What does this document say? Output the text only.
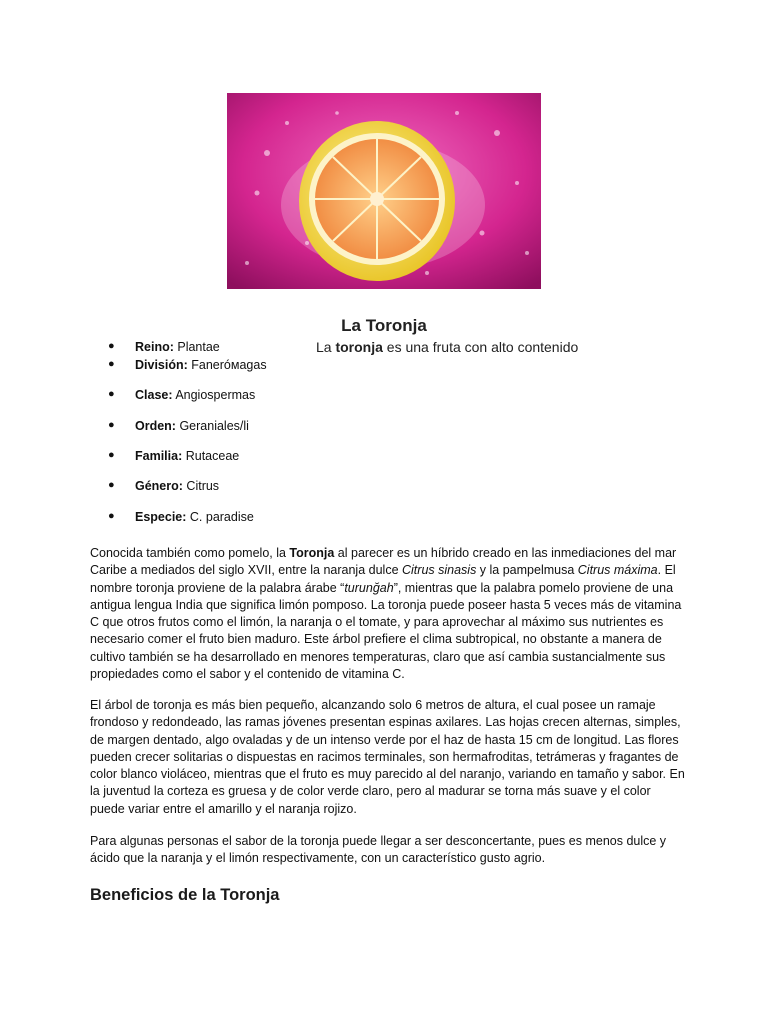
La Toronja
La toronja es una fruta con alto contenido
● Reino: Plantae
● División: Faneróмagas
● Clase: Angiospermas
● Orden: Geraniales/li
● Familia: Rutaceae
● Género: Citrus
● Especie: C. paradise

Conocida también como pomelo, la Toronja al parecer es un híbrido creado en las inmediaciones del mar Caribe a mediados del siglo XVII, entre la naranja dulce Citrus sinasis y la pampelmusa Citrus máxima. El nombre toronja proviene de la palabra árabe “turunğah”, mientras que la palabra pomelo proviene de una antigua lengua India que significa limón pomposo. La toronja puede poseer hasta 5 veces más de vitamina C que otros frutos como el limón, la naranja o el tomate, y para aprovechar al máximo sus nutrientes es necesario comer el fruto bien maduro. Este árbol prefiere el clima subtropical, no obstante a manera de cultivo también se ha desarrollado en menores temperaturas, claro que así cambia sustancialmente sus propiedades como el sabor y el contenido de vitamina C.

El árbol de toronja es más bien pequeño, alcanzando solo 6 metros de altura, el cual posee un ramaje frondoso y redondeado, las ramas jóvenes presentan espinas axilares. Las hojas crecen alternas, simples, de margen dentado, algo ovaladas y de un intenso verde por el haz de hasta 15 cm de longitud. Las flores pueden crecer solitarias o dispuestas en racimos terminales, son hermafroditas, tetrámeras y fragantes de color blanco violáceo, mientras que el fruto es muy parecido al del naranjo, variando en tamaño y sabor. En la juventud la corteza es gruesa y de color verde claro, pero al madurar se torna más suave y el color puede variar entre el amarillo y el naranja rojizo.

Para algunas personas el sabor de la toronja puede llegar a ser desconcertante, pues es menos dulce y ácido que la naranja y el limón respectivamente, con un característico gusto agrio.

Beneficios de la Toronja
